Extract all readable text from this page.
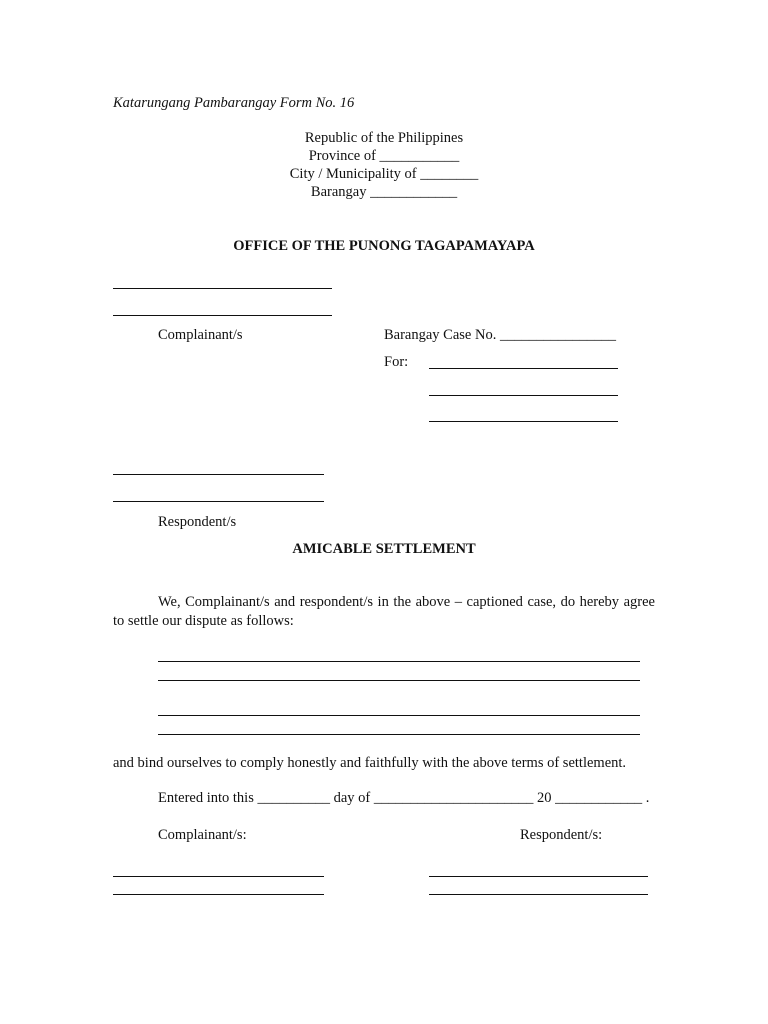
Katarungang Pambarangay Form No. 16
Republic of the Philippines
Province of ___________
City / Municipality of ________
Barangay ____________
OFFICE OF THE PUNONG TAGAPAMAYAPA
Complainant/s	Barangay Case No. ________________
For:
Respondent/s
AMICABLE SETTLEMENT
We, Complainant/s and respondent/s in the above – captioned case, do hereby agree to settle our dispute as follows:
and bind ourselves to comply honestly and faithfully with the above terms of settlement.
Entered into this __________ day of ______________________ 20 ____________ .
Complainant/s:	Respondent/s:
